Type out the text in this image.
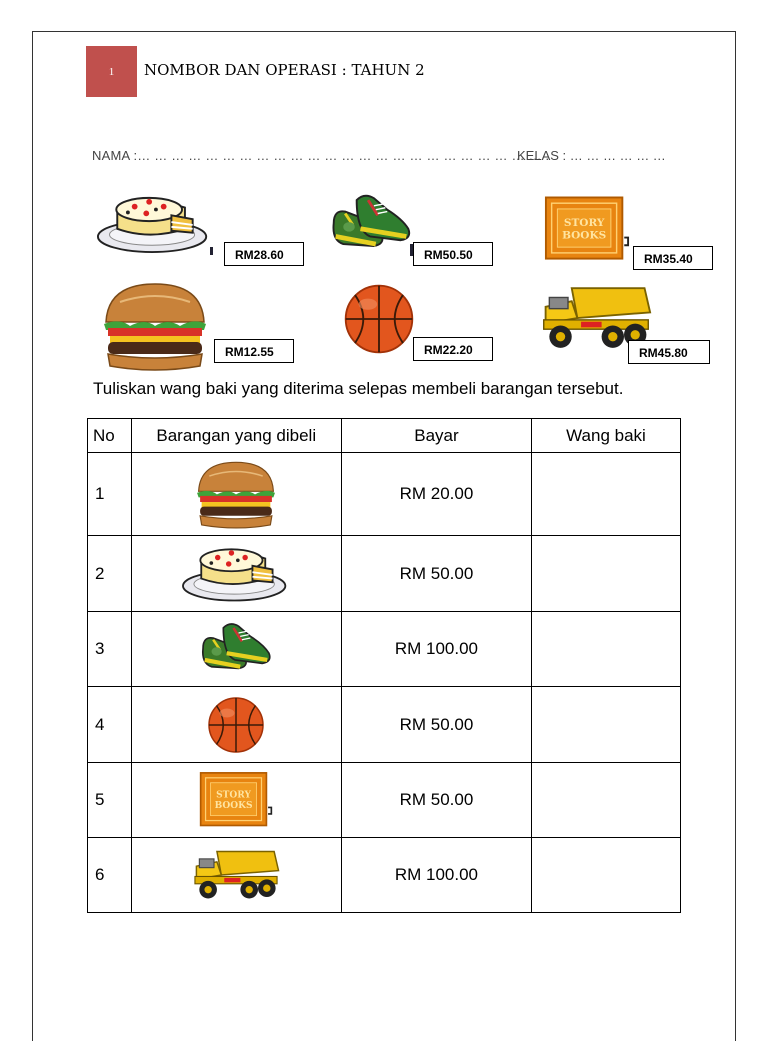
1 NOMBOR DAN OPERASI : TAHUN 2
NAMA :… … … … … … … … … … … … … … … … … … … … … … … … .
KELAS : … … … … … …
RM28.60	RM50.50	RM35.40
RM12.55	RM22.20	RM45.80
Tuliskan wang baki yang diterima selepas membeli barangan tersebut.
No	Barangan yang dibeli	Bayar	Wang baki
1		RM 20.00	
2		RM 50.00	
3		RM 100.00	
4		RM 50.00	
5		RM 50.00	
6		RM 100.00	
